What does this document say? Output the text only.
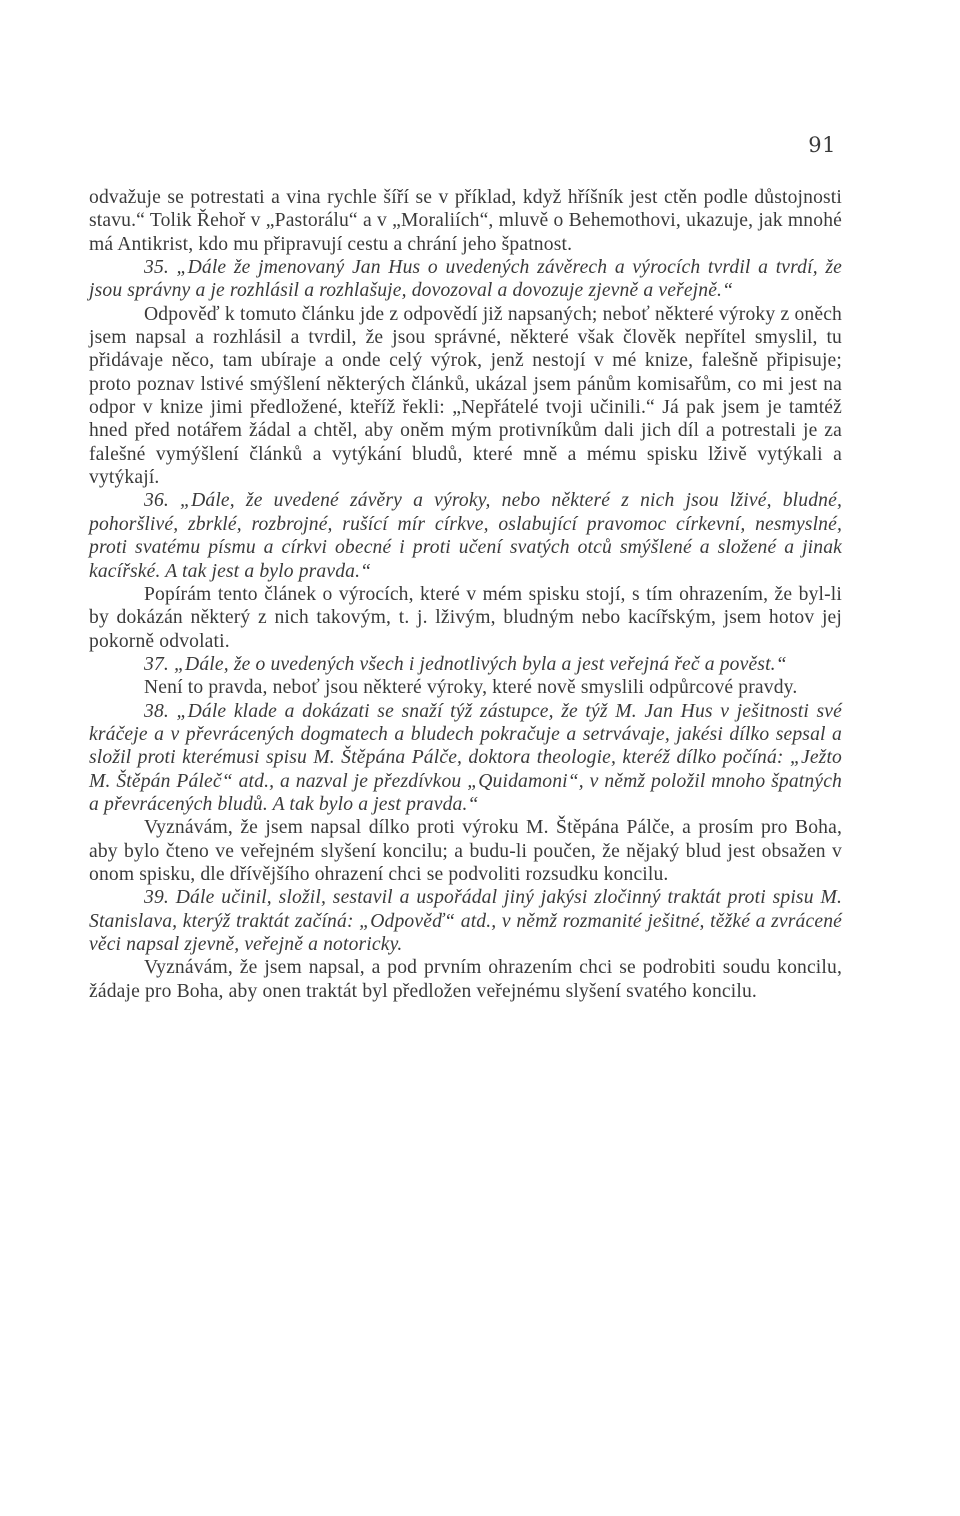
91

odvažuje se potrestati a vina rychle šíří se v příklad, když hříšník jest ctěn podle důstojnosti stavu.“ Tolik Řehoř v „Pastorálu“ a v „Moraliích“, mluvě o Behemothovi, ukazuje, jak mnohé má Antikrist, kdo mu připravují cestu a chrání jeho špatnost.

35. „Dále že jmenovaný Jan Hus o uvedených závěrech a výrocích tvrdil a tvrdí, že jsou správny a je rozhlásil a rozhlašuje, dovozoval a dovozuje zjevně a veřejně.“

Odpověď k tomuto článku jde z odpovědí již napsaných; neboť některé výroky z oněch jsem napsal a rozhlásil a tvrdil, že jsou správné, některé však člověk nepřítel smyslil, tu přidávaje něco, tam ubíraje a onde celý výrok, jenž nestojí v mé knize, falešně připisuje; proto poznav lstivé smýšlení některých článků, ukázal jsem pánům komisařům, co mi jest na odpor v knize jimi předložené, kteříž řekli: „Nepřátelé tvoji učinili.“ Já pak jsem je tamtéž hned před notářem žádal a chtěl, aby oněm mým protivníkům dali jich díl a potrestali je za falešné vymýšlení článků a vytýkání bludů, které mně a mému spisku lživě vytýkali a vytýkají.

36. „Dále, že uvedené závěry a výroky, nebo některé z nich jsou lživé, bludné, pohoršlivé, zbrklé, rozbrojné, rušící mír církve, oslabující pravomoc církevní, nesmyslné, proti svatému písmu a církvi obecné i proti učení svatých otců smýšlené a složené a jinak kacířské. A tak jest a bylo pravda.“

Popírám tento článek o výrocích, které v mém spisku stojí, s tím ohrazením, že byl-li by dokázán některý z nich takovým, t. j. lživým, bludným nebo kacířským, jsem hotov jej pokorně odvolati.

37. „Dále, že o uvedených všech i jednotlivých byla a jest veřejná řeč a pověst.“

Není to pravda, neboť jsou některé výroky, které nově smyslili odpůrcové pravdy.

38. „Dále klade a dokázati se snaží týž zástupce, že týž M. Jan Hus v ješitnosti své kráčeje a v převrácených dogmatech a bludech pokračuje a setrvávaje, jakési dílko sepsal a složil proti kterémusi spisu M. Štěpána Pálče, doktora theologie, kteréž dílko počíná: „Ježto M. Štěpán Páleč“ atd., a nazval je přezdívkou „Quidamoni“, v němž položil mnoho špatných a převrácených bludů. A tak bylo a jest pravda.“

Vyznávám, že jsem napsal dílko proti výroku M. Štěpána Pálče, a prosím pro Boha, aby bylo čteno ve veřejném slyšení koncilu; a budu-li poučen, že nějaký blud jest obsažen v onom spisku, dle dřívějšího ohrazení chci se podvoliti rozsudku koncilu.

39. Dále učinil, složil, sestavil a uspořádal jiný jakýsi zločinný traktát proti spisu M. Stanislava, kterýž traktát začíná: „Odpověď“ atd., v němž rozmanité ješitné, těžké a zvrácené věci napsal zjevně, veřejně a notoricky.

Vyznávám, že jsem napsal, a pod prvním ohrazením chci se podrobiti soudu koncilu, žádaje pro Boha, aby onen traktát byl předložen veřejnému slyšení svatého koncilu.
